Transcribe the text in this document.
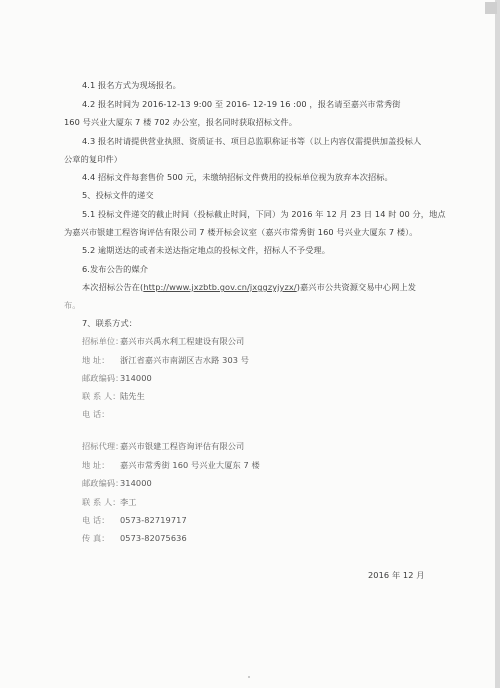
4.1 报名方式为现场报名。
4.2 报名时间为 2016-12-13 9:00 至 2016- 12-19 16 :00 ，报名请至嘉兴市常秀街
160 号兴业大厦东 7 楼 702 办公室，报名同时获取招标文件。
4.3 报名时请提供营业执照、资质证书、项目总监职称证书等（以上内容仅需提供加盖投标人
公章的复印件）
4.4 招标文件每套售价 500 元，未缴纳招标文件费用的投标单位视为放弃本次招标。
5、投标文件的递交
5.1 投标文件递交的截止时间（投标截止时间，下同）为 2016 年 12 月 23 日 14 时 00 分，地点
为嘉兴市银建工程咨询评估有限公司 7 楼开标会议室（嘉兴市常秀街 160 号兴业大厦东 7 楼）。
5.2 逾期送达的或者未送达指定地点的投标文件，招标人不予受理。
6.发布公告的媒介
本次招标公告在(http://www.jxzbtb.gov.cn/jxggzyjyzx/)嘉兴市公共资源交易中心网上发
布。
7、联系方式：
招标单位：嘉兴市兴禹水利工程建设有限公司
地 址： 浙江省嘉兴市南湖区吉水路 303 号
邮政编码：314000
联 系 人：陆先生
电 话：
招标代理：嘉兴市银建工程咨询评估有限公司
地 址： 嘉兴市常秀街 160 号兴业大厦东 7 楼
邮政编码：314000
联 系 人：李工
电 话： 0573-82719717
传 真： 0573-82075636
2016 年 12 月
